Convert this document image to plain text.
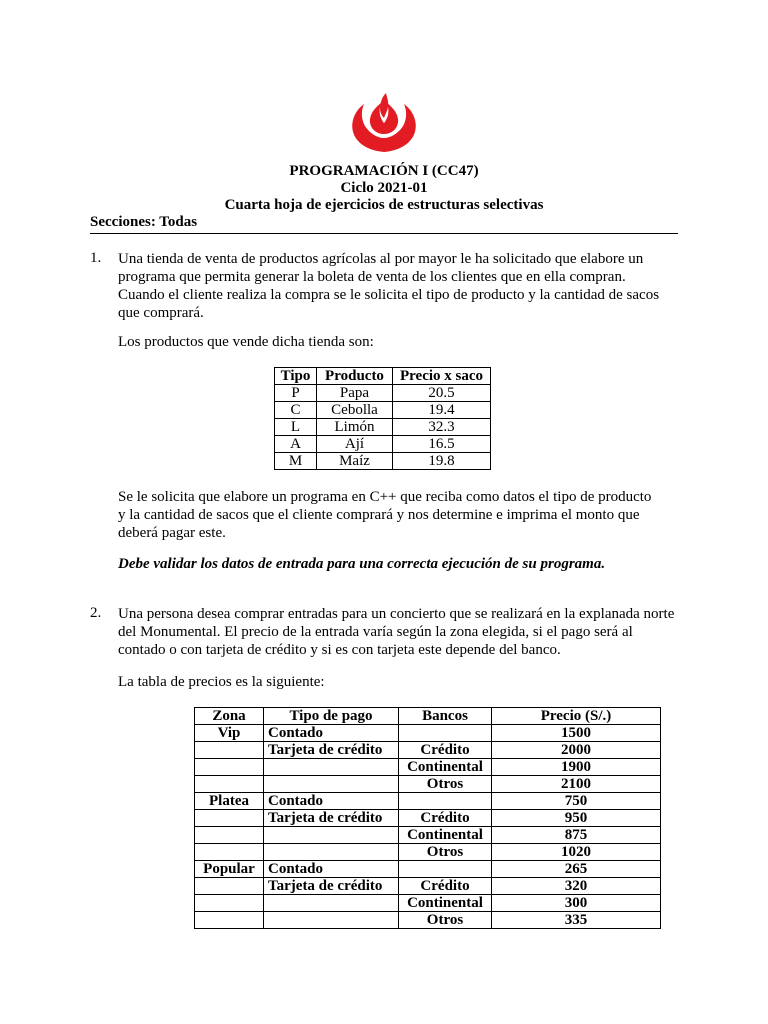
PROGRAMACIÓN I (CC47)
Ciclo 2021-01
Cuarta hoja de ejercicios de estructuras selectivas
Secciones: Todas
1. Una tienda de venta de productos agrícolas al por mayor le ha solicitado que elabore un
programa que permita generar la boleta de venta de los clientes que en ella compran.
Cuando el cliente realiza la compra se le solicita el tipo de producto y la cantidad de sacos
que comprará.
Los productos que vende dicha tienda son:
Tipo	Producto	Precio x saco
P	Papa	20.5
C	Cebolla	19.4
L	Limón	32.3
A	Ají	16.5
M	Maíz	19.8
Se le solicita que elabore un programa en C++ que reciba como datos el tipo de producto
y la cantidad de sacos que el cliente comprará y nos determine e imprima el monto que
deberá pagar este.
Debe validar los datos de entrada para una correcta ejecución de su programa.
2. Una persona desea comprar entradas para un concierto que se realizará en la explanada norte
del Monumental. El precio de la entrada varía según la zona elegida, si el pago será al
contado o con tarjeta de crédito y si es con tarjeta este depende del banco.
La tabla de precios es la siguiente:
Zona	Tipo de pago	Bancos	Precio (S/.)
Vip	Contado		1500
	Tarjeta de crédito	Crédito	2000
		Continental	1900
		Otros	2100
Platea	Contado		750
	Tarjeta de crédito	Crédito	950
		Continental	875
		Otros	1020
Popular	Contado		265
	Tarjeta de crédito	Crédito	320
		Continental	300
		Otros	335
